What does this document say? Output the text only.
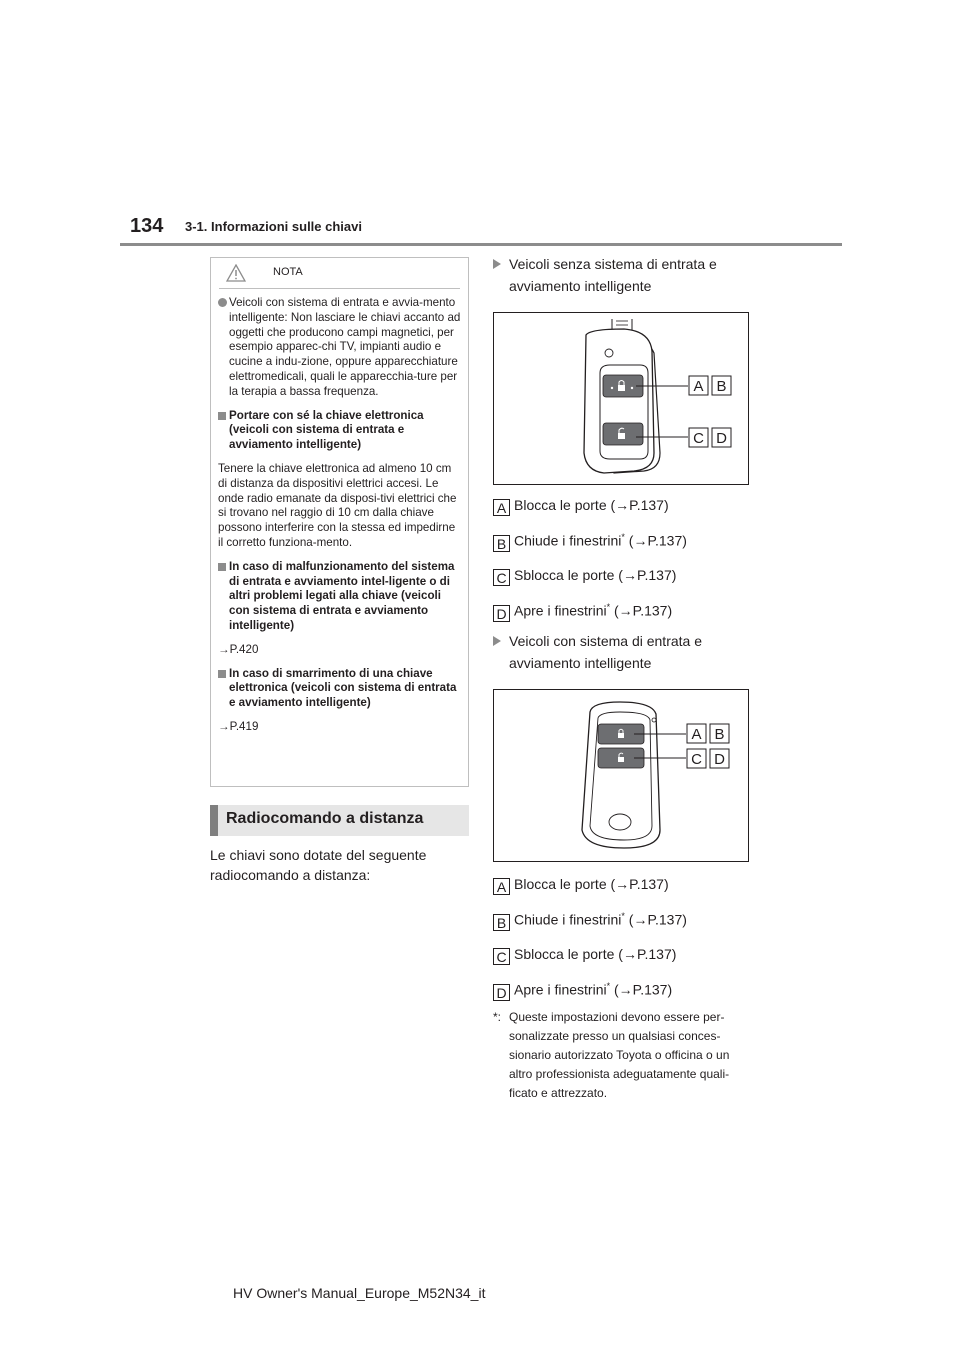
134 3-1. Informazioni sulle chiavi
NOTA
Veicoli con sistema di entrata e avvia-mento intelligente: Non lasciare le chiavi accanto ad oggetti che producono campi magnetici, per esempio apparec-chi TV, impianti audio e cucine a indu-zione, oppure apparecchiature elettromedicali, quali le apparecchia-ture per la terapia a bassa frequenza.
Portare con sé la chiave elettronica (veicoli con sistema di entrata e avviamento intelligente)
Tenere la chiave elettronica ad almeno 10 cm di distanza da dispositivi elettrici accesi. Le onde radio emanate da disposi-tivi elettrici che si trovano nel raggio di 10 cm dalla chiave possono interferire con la stessa ed impedirne il corretto funziona-mento.
In caso di malfunzionamento del sistema di entrata e avviamento intel-ligente o di altri problemi legati alla chiave (veicoli con sistema di entrata e avviamento intelligente)
→P.420
In caso di smarrimento di una chiave elettronica (veicoli con sistema di entrata e avviamento intelligente)
→P.419
Radiocomando a distanza
Le chiavi sono dotate del seguente radiocomando a distanza:
Veicoli senza sistema di entrata e avviamento intelligente
A B
C D
A Blocca le porte (→P.137)
B Chiude i finestrini* (→P.137)
C Sblocca le porte (→P.137)
D Apre i finestrini* (→P.137)
Veicoli con sistema di entrata e avviamento intelligente
A B
C D
A Blocca le porte (→P.137)
B Chiude i finestrini* (→P.137)
C Sblocca le porte (→P.137)
D Apre i finestrini* (→P.137)
*: Queste impostazioni devono essere per-sonalizzate presso un qualsiasi conces-sionario autorizzato Toyota o officina o un altro professionista adeguatamente quali-ficato e attrezzato.
HV Owner's Manual_Europe_M52N34_it
